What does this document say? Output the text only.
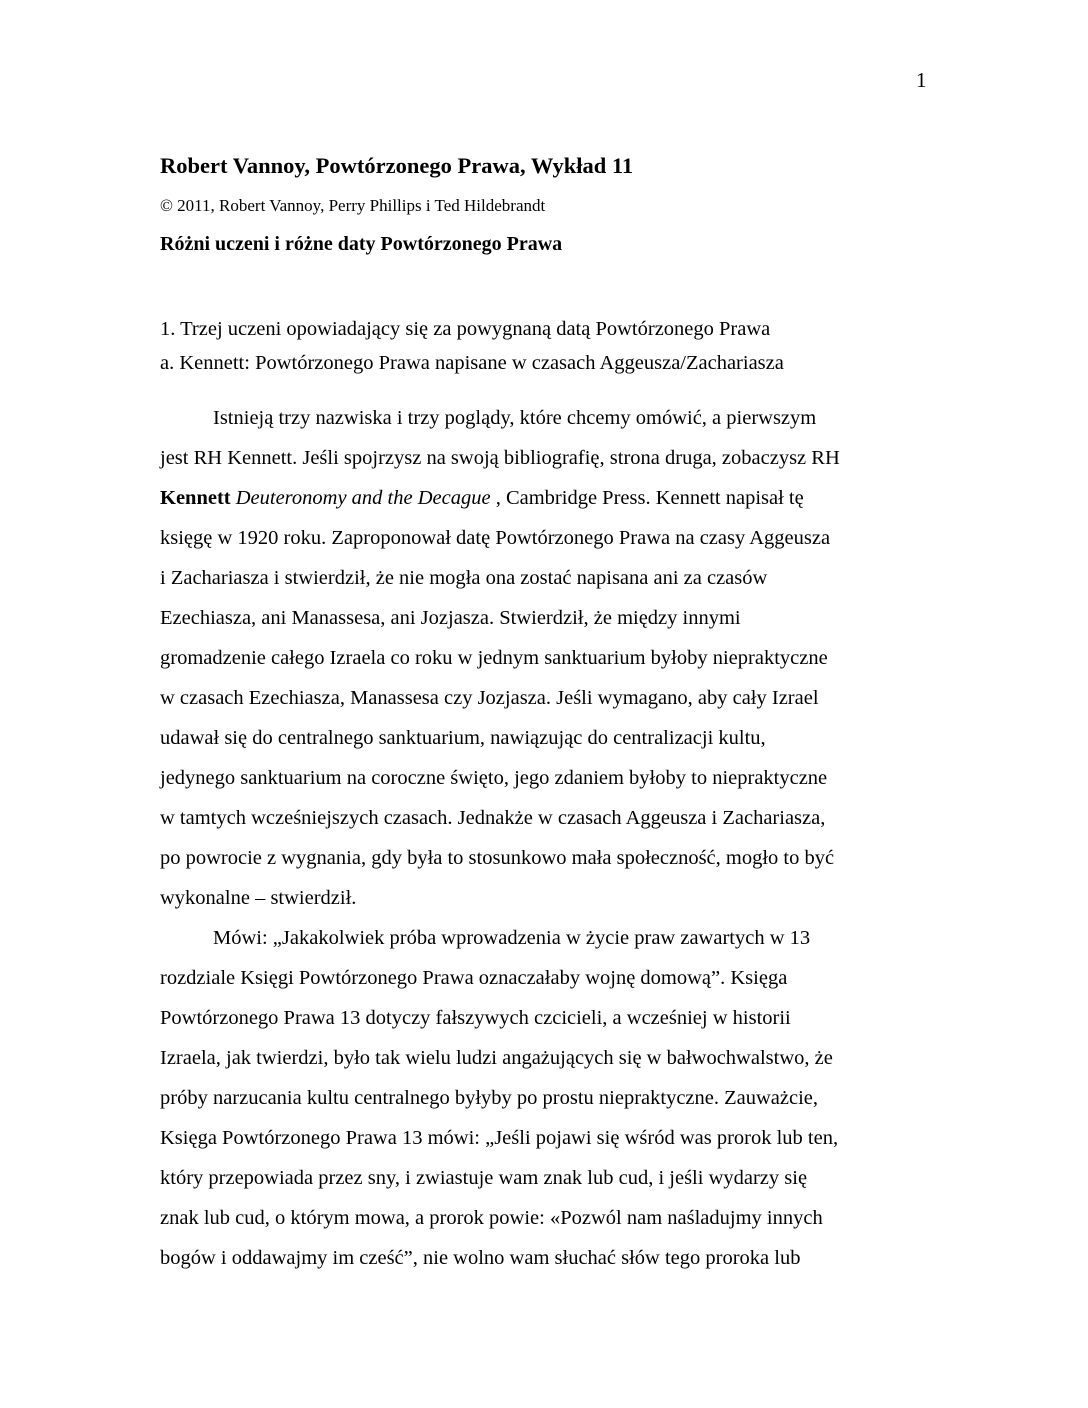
1
Robert Vannoy, Powtórzonego Prawa, Wykład 11
© 2011, Robert Vannoy, Perry Phillips i Ted Hildebrandt
Różni uczeni i różne daty Powtórzonego Prawa
1. Trzej uczeni opowiadający się za powygnaną datą Powtórzonego Prawa
a. Kennett: Powtórzonego Prawa napisane w czasach Aggeusza/Zachariasza
Istnieją trzy nazwiska i trzy poglądy, które chcemy omówić, a pierwszym
jest RH Kennett. Jeśli spojrzysz na swoją bibliografię, strona druga, zobaczysz RH
Kennett Deuteronomy and the Decague , Cambridge Press. Kennett napisał tę
księgę w 1920 roku. Zaproponował datę Powtórzonego Prawa na czasy Aggeusza
i Zachariasza i stwierdził, że nie mogła ona zostać napisana ani za czasów
Ezechiasza, ani Manassesa, ani Jozjasza. Stwierdził, że między innymi
gromadzenie całego Izraela co roku w jednym sanktuarium byłoby niepraktyczne
w czasach Ezechiasza, Manassesa czy Jozjasza. Jeśli wymagano, aby cały Izrael
udawał się do centralnego sanktuarium, nawiązując do centralizacji kultu,
jedynego sanktuarium na coroczne święto, jego zdaniem byłoby to niepraktyczne
w tamtych wcześniejszych czasach. Jednakże w czasach Aggeusza i Zachariasza,
po powrocie z wygnania, gdy była to stosunkowo mała społeczność, mogło to być
wykonalne – stwierdził.
Mówi: „Jakakolwiek próba wprowadzenia w życie praw zawartych w 13
rozdziale Księgi Powtórzonego Prawa oznaczałaby wojnę domową”. Księga
Powtórzonego Prawa 13 dotyczy fałszywych czcicieli, a wcześniej w historii
Izraela, jak twierdzi, było tak wielu ludzi angażujących się w bałwochwalstwo, że
próby narzucania kultu centralnego byłyby po prostu niepraktyczne. Zauważcie,
Księga Powtórzonego Prawa 13 mówi: „Jeśli pojawi się wśród was prorok lub ten,
który przepowiada przez sny, i zwiastuje wam znak lub cud, i jeśli wydarzy się
znak lub cud, o którym mowa, a prorok powie: «Pozwól nam naśladujmy innych
bogów i oddawajmy im cześć”, nie wolno wam słuchać słów tego proroka lub
